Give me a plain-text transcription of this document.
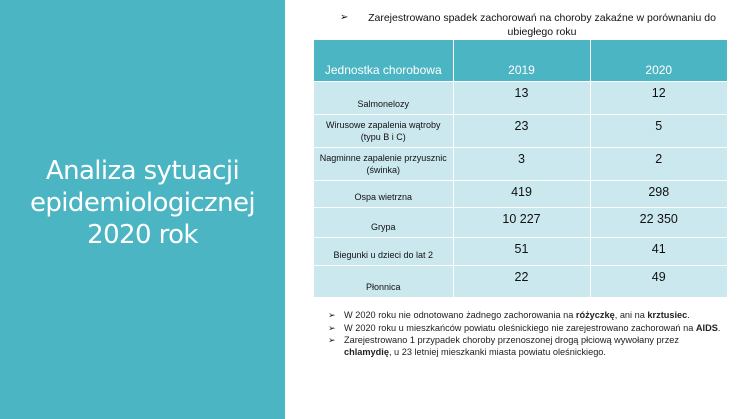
Analiza sytuacji
epidemiologicznej
2020 rok
➢	Zarejestrowano spadek zachorowań na choroby zakaźne w porównaniu do ubiegłego roku
Jednostka chorobowa	2019	2020
Salmonelozy	13	12
Wirusowe zapalenia wątroby (typu B i C)	23	5
Nagminne zapalenie przyusznic (świnka)	3	2
Ospa wietrzna	419	298
Grypa	10 227	22 350
Biegunki u dzieci do lat 2	51	41
Płonnica	22	49
➢ W 2020 roku nie odnotowano żadnego zachorowania na różyczkę, ani na krztusiec.
➢ W 2020 roku u mieszkańców powiatu oleśnickiego nie zarejestrowano zachorowań na AIDS.
➢ Zarejestrowano 1 przypadek choroby przenoszonej drogą płciową wywołany przez chlamydię, u 23 letniej mieszkanki miasta powiatu oleśnickiego.
